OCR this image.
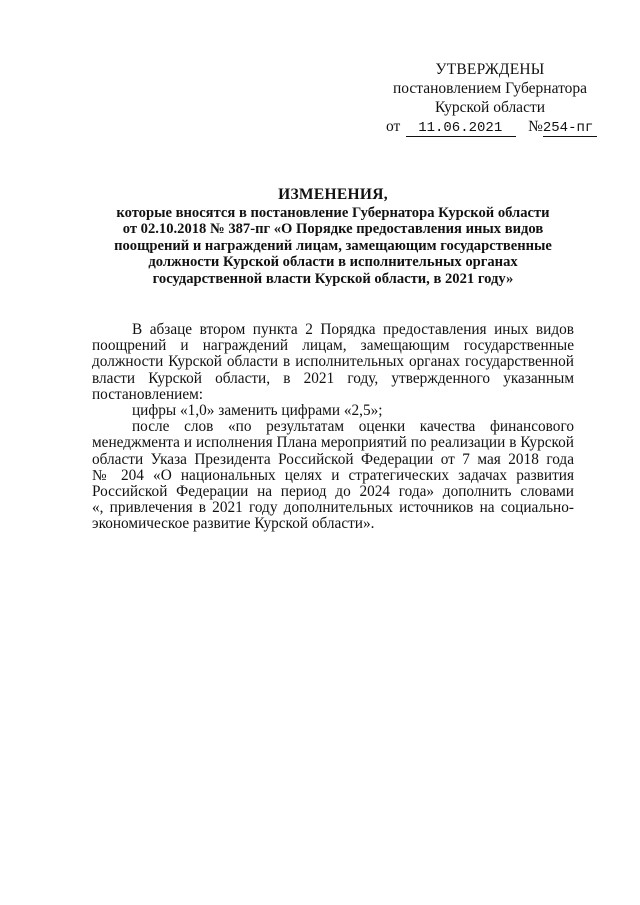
УТВЕРЖДЕНЫ
постановлением Губернатора
Курской области
от 11.06.2021 №254-пг
ИЗМЕНЕНИЯ,
которые вносятся в постановление Губернатора Курской области
от 02.10.2018 № 387-пг «О Порядке предоставления иных видов
поощрений и награждений лицам, замещающим государственные
должности Курской области в исполнительных органах
государственной власти Курской области, в 2021 году»
В абзаце втором пункта 2 Порядка предоставления иных видов
поощрений и награждений лицам, замещающим государственные
должности Курской области в исполнительных органах государственной
власти Курской области, в 2021 году, утвержденного указанным
постановлением:
цифры «1,0» заменить цифрами «2,5»;
после слов «по результатам оценки качества финансового
менеджмента и исполнения Плана мероприятий по реализации в Курской
области Указа Президента Российской Федерации от 7 мая 2018 года
№ 204 «О национальных целях и стратегических задачах развития
Российской Федерации на период до 2024 года» дополнить словами
«, привлечения в 2021 году дополнительных источников на социально-
экономическое развитие Курской области».
